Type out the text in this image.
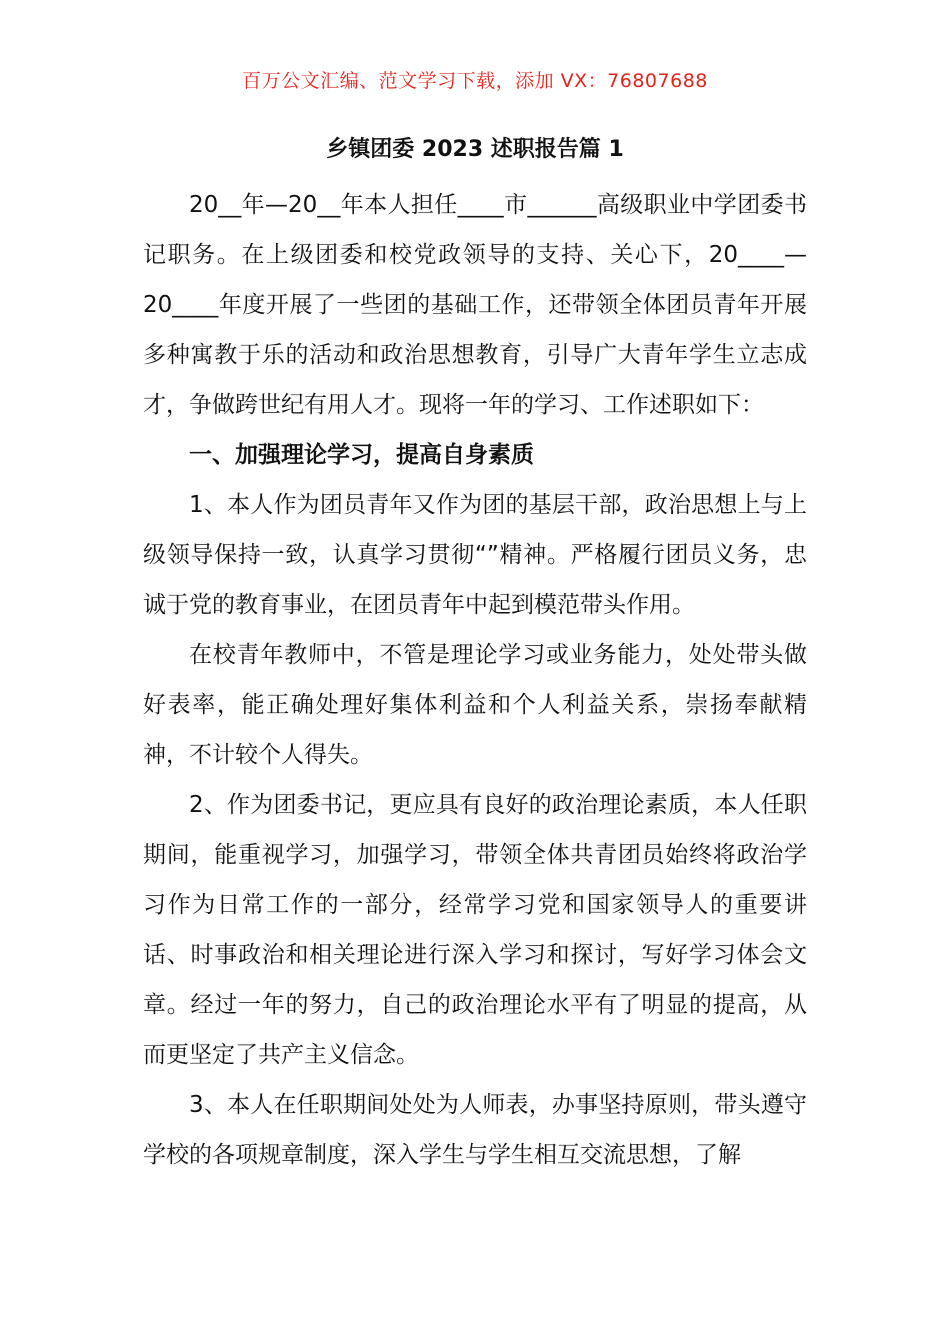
百万公文汇编、范文学习下载，添加 VX：76807688
乡镇团委 2023 述职报告篇 1

20__年—20__年本人担任____市______高级职业中学团委书记职务。在上级团委和校党政领导的支持、关心下，20____—20____年度开展了一些团的基础工作，还带领全体团员青年开展多种寓教于乐的活动和政治思想教育，引导广大青年学生立志成才，争做跨世纪有用人才。现将一年的学习、工作述职如下：

一、加强理论学习，提高自身素质

1、本人作为团员青年又作为团的基层干部，政治思想上与上级领导保持一致，认真学习贯彻“”精神。严格履行团员义务，忠诚于党的教育事业，在团员青年中起到模范带头作用。

在校青年教师中，不管是理论学习或业务能力，处处带头做好表率，能正确处理好集体利益和个人利益关系，崇扬奉献精神，不计较个人得失。

2、作为团委书记，更应具有良好的政治理论素质，本人任职期间，能重视学习，加强学习，带领全体共青团员始终将政治学习作为日常工作的一部分，经常学习党和国家领导人的重要讲话、时事政治和相关理论进行深入学习和探讨，写好学习体会文章。经过一年的努力，自己的政治理论水平有了明显的提高，从而更坚定了共产主义信念。

3、本人在任职期间处处为人师表，办事坚持原则，带头遵守学校的各项规章制度，深入学生与学生相互交流思想，了解
